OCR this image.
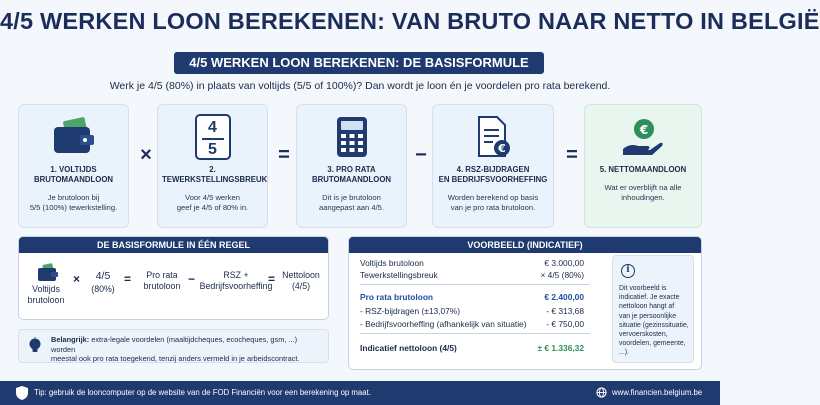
4/5 WERKEN LOON BEREKENEN: VAN BRUTO NAAR NETTO IN BELGIË
4/5 WERKEN LOON BEREKENEN: DE BASISFORMULE
Werk je 4/5 (80%) in plaats van voltijds (5/5 of 100%)? Dan wordt je loon én je voordelen pro rata berekend.
1. VOLTIJDS
BRUTOMAANDLOON
Je brutoloon bij
5/5 (100%) tewerkstelling.
×
4
5
2. TEWERKSTELLINGSBREUK
Voor 4/5 werken
geef je 4/5 of 80% in.
=
3. PRO RATA
BRUTOMAANDLOON
Dit is je brutoloon
aangepast aan 4/5.
−	€
4. RSZ-BIJDRAGEN
EN BEDRIJFSVOORHEFFING
Worden berekend op basis
van je pro rata brutoloon.
=
€
5. NETTOMAANDLOON
Wat er overblijft na alle
inhoudingen.
DE BASISFORMULE IN ÉÉN REGEL
Voltijds
brutoloon
×	4/5
(80%)
=	Pro rata
brutoloon −	RSZ +
Bedrijfsvoorheffing
= Nettoloon
(4/5)
Belangrijk: extra-legale voordelen (maaltijdcheques, ecocheques, gsm, ...) worden
meestal ook pro rata toegekend, tenzij anders vermeld in je arbeidscontract.
VOORBEELD (INDICATIEF)
Voltijds brutoloon	€ 3.000,00
Tewerkstellingsbreuk	× 4/5 (80%)
Pro rata brutoloon	€ 2.400,00
- RSZ-bijdragen (±13,07%)	- € 313,68
- Bedrijfsvoorheffing (afhankelijk van situatie) - € 750,00
Indicatief nettoloon (4/5)	± € 1.336,32
i
Dit voorbeeld is
indicatief. Je exacte
nettoloon hangt af
van je persoonlijke
situatie (gezinssituatie,
vervoerskosten,
voordelen, gemeente,
...).
Tip: gebruik de looncomputer op de website van de FOD Financiën voor een berekening op maat.	www.financien.belgium.be
